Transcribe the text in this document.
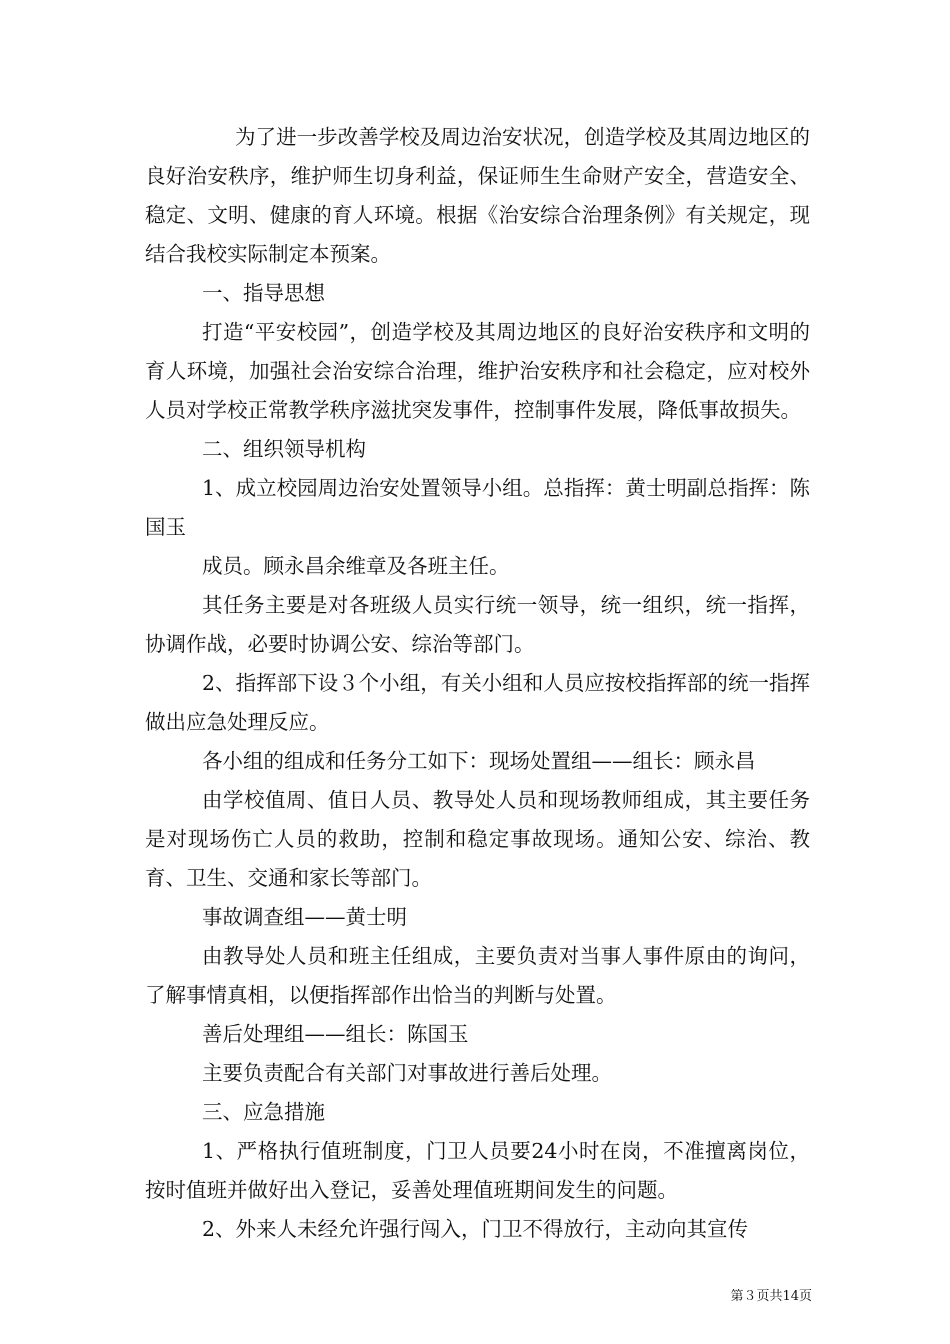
为了进一步改善学校及周边治安状况，创造学校及其周边地区的良好治安秩序，维护师生切身利益，保证师生生命财产安全，营造安全、稳定、文明、健康的育人环境。根据《治安综合治理条例》有关规定，现结合我校实际制定本预案。

一、指导思想

打造“平安校园”，创造学校及其周边地区的良好治安秩序和文明的育人环境，加强社会治安综合治理，维护治安秩序和社会稳定，应对校外人员对学校正常教学秩序滋扰突发事件，控制事件发展，降低事故损失。

二、组织领导机构

1、成立校园周边治安处置领导小组。总指挥：黄士明副总指挥：陈国玉

成员。顾永昌余维章及各班主任。

其任务主要是对各班级人员实行统一领导，统一组织，统一指挥，协调作战，必要时协调公安、综治等部门。

2、指挥部下设３个小组，有关小组和人员应按校指挥部的统一指挥做出应急处理反应。

各小组的组成和任务分工如下：现场处置组——组长：顾永昌

由学校值周、值日人员、教导处人员和现场教师组成，其主要任务是对现场伤亡人员的救助，控制和稳定事故现场。通知公安、综治、教育、卫生、交通和家长等部门。

事故调查组——黄士明

由教导处人员和班主任组成，主要负责对当事人事件原由的询问，了解事情真相，以便指挥部作出恰当的判断与处置。

善后处理组——组长：陈国玉

主要负责配合有关部门对事故进行善后处理。

三、应急措施

1、严格执行值班制度，门卫人员要24小时在岗，不准擅离岗位，按时值班并做好出入登记，妥善处理值班期间发生的问题。

2、外来人未经允许强行闯入，门卫不得放行，主动向其宣传

第３页共14页
